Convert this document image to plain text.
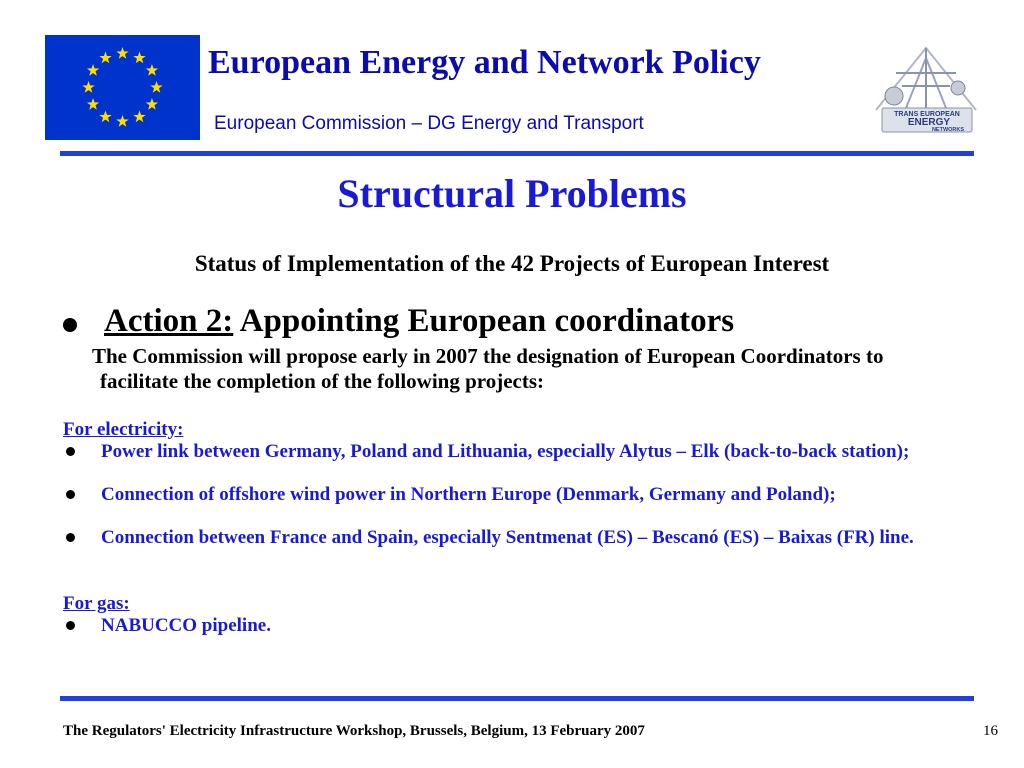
European Energy and Network Policy
European Commission – DG Energy and Transport	TRANS EUROPEAN
ENERGY
NETWORKS
Structural Problems
Status of Implementation of the 42 Projects of European Interest
Action 2: Appointing European coordinators
The Commission will propose early in 2007 the designation of European Coordinators to facilitate the completion of the following projects:
For electricity:
Power link between Germany, Poland and Lithuania, especially Alytus – Elk (back-to-back station);
Connection of offshore wind power in Northern Europe (Denmark, Germany and Poland);
Connection between France and Spain, especially Sentmenat (ES) – Bescanó (ES) – Baixas (FR) line.
For gas:
NABUCCO pipeline.
The Regulators' Electricity Infrastructure Workshop, Brussels, Belgium, 13 February 2007	16
